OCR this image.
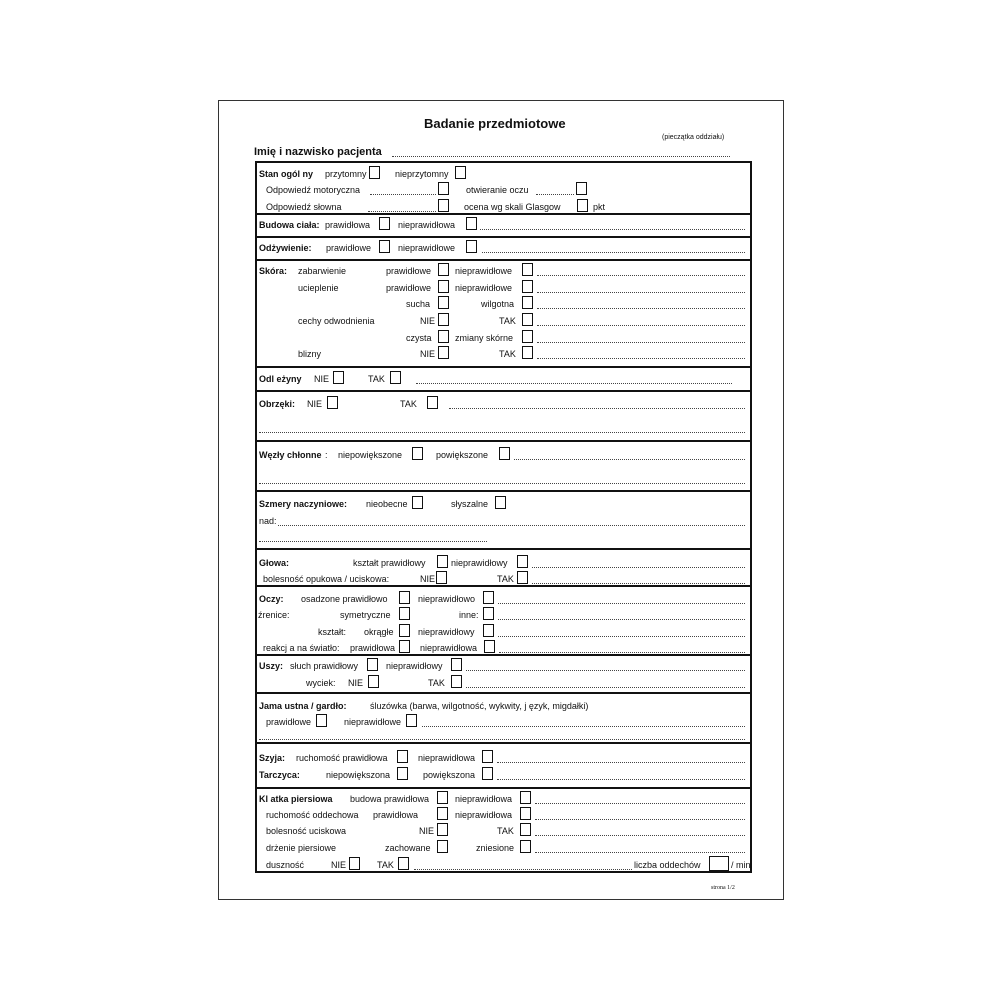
Badanie przedmiotowe
(pieczątka oddziału)
Imię i nazwisko pacjenta
Stan ogól ny przytomny	nieprzytomny
Odpowiedź motoryczna	otwieranie oczu
Odpowiedź słowna	ocena wg skali Glasgow	pkt
Budowa ciała: prawidłowa	nieprawidłowa
Odżywienie: prawidłowe	nieprawidłowe
Skóra: zabarwienie	prawidłowe	nieprawidłowe
ucieplenie	prawidłowe	nieprawidłowe
sucha	wilgotna
cechy odwodnienia	NIE	TAK
czysta	zmiany skórne
blizny	NIE	TAK
Odl eżyny NIE	TAK
Obrzęki: NIE	TAK
Węzły chłonne : niepowiększone	powiększone
Szmery naczyniowe: nieobecne	słyszalne
nad:
Głowa:	kształt prawidłowy	nieprawidłowy
bolesność opukowa / uciskowa:	NIE	TAK
Oczy: osadzone prawidłowo	nieprawidłowo
źrenice:	symetryczne	inne:
kształt: okrągłe	nieprawidłowy
reakcj a na światło: prawidłowa	nieprawidłowa
Uszy: słuch prawidłowy	nieprawidłowy
wyciek: NIE	TAK
Jama ustna / gardło:	śluzówka (barwa, wilgotność, wykwity, j ęzyk, migdałki)
prawidłowe	nieprawidłowe
Szyja: ruchomość prawidłowa	nieprawidłowa
Tarczyca:	niepowiększona	powiększona
Kl atka piersiowa budowa prawidłowa	nieprawidłowa
ruchomość oddechowa prawidłowa	nieprawidłowa
bolesność uciskowa	NIE	TAK
drżenie piersiowe	zachowane	zniesione
duszność	NIE	TAK	liczba oddechów	/ min
strona 1/2
